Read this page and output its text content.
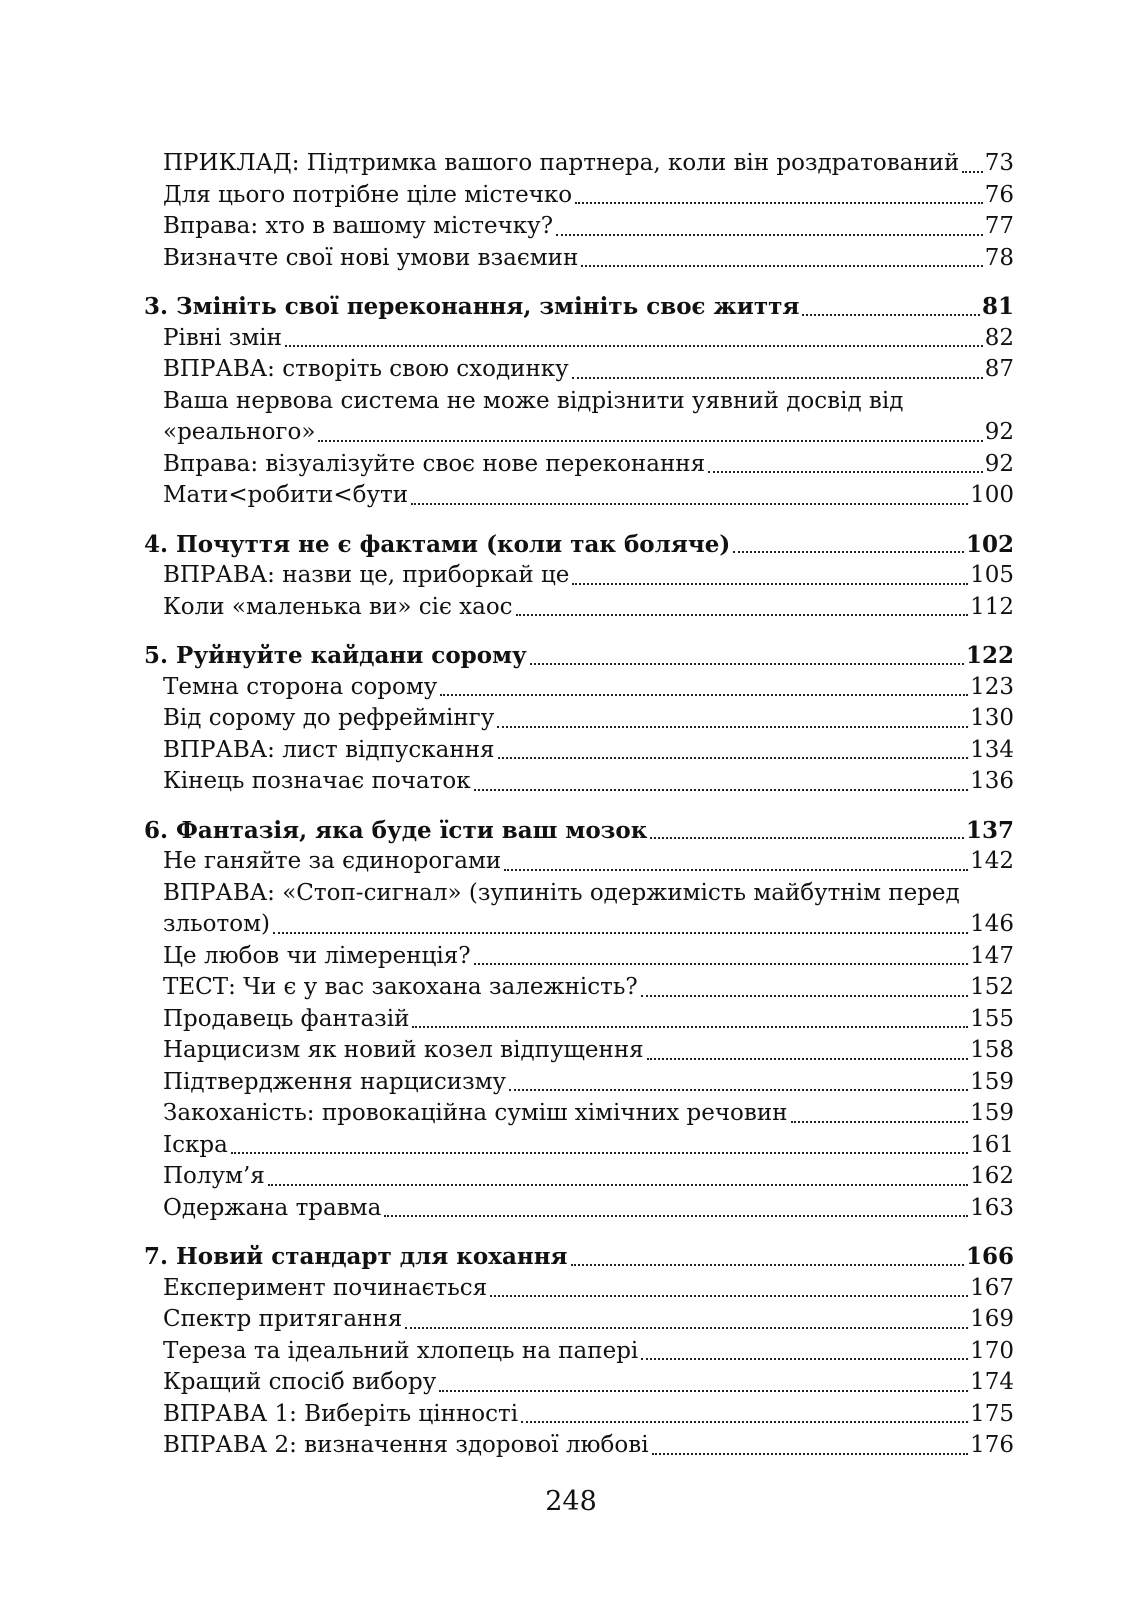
ПРИКЛАД: Підтримка вашого партнера, коли він роздратований 73
Для цього потрібне ціле містечко	76
Вправа: хто в вашому містечку?	77
Визначте свої нові умови взаємин	78
3. Змініть свої переконання, змініть своє життя	81
Рівні змін	82
ВПРАВА: створіть свою сходинку	87
Ваша нервова система не може відрізнити уявний досвід від
«реального»	92
Вправа: візуалізуйте своє нове переконання	92
Мати<робити<бути	100
4. Почуття не є фактами (коли так боляче)	102
ВПРАВА: назви це, приборкай це	105
Коли «маленька ви» сіє хаос	112
5. Руйнуйте кайдани сорому	122
Темна сторона сорому	123
Від сорому до рефреймінгу	130
ВПРАВА: лист відпускання	134
Кінець позначає початок	136
6. Фантазія, яка буде їсти ваш мозок	137
Не ганяйте за єдинорогами	142
ВПРАВА: «Стоп-сигнал» (зупиніть одержимість майбутнім перед
зльотом)	146
Це любов чи лімеренція?	147
ТЕСТ: Чи є у вас закохана залежність?	152
Продавець фантазій	155
Нарцисизм як новий козел відпущення	158
Підтвердження нарцисизму	159
Закоханість: провокаційна суміш хімічних речовин	159
Іскра	161
Полум’я	162
Одержана травма	163
7. Новий стандарт для кохання	166
Експеримент починається	167
Спектр притягання	169
Тереза та ідеальний хлопець на папері	170
Кращий спосіб вибору	174
ВПРАВА 1: Виберіть цінності	175
ВПРАВА 2: визначення здорової любові	176
248
